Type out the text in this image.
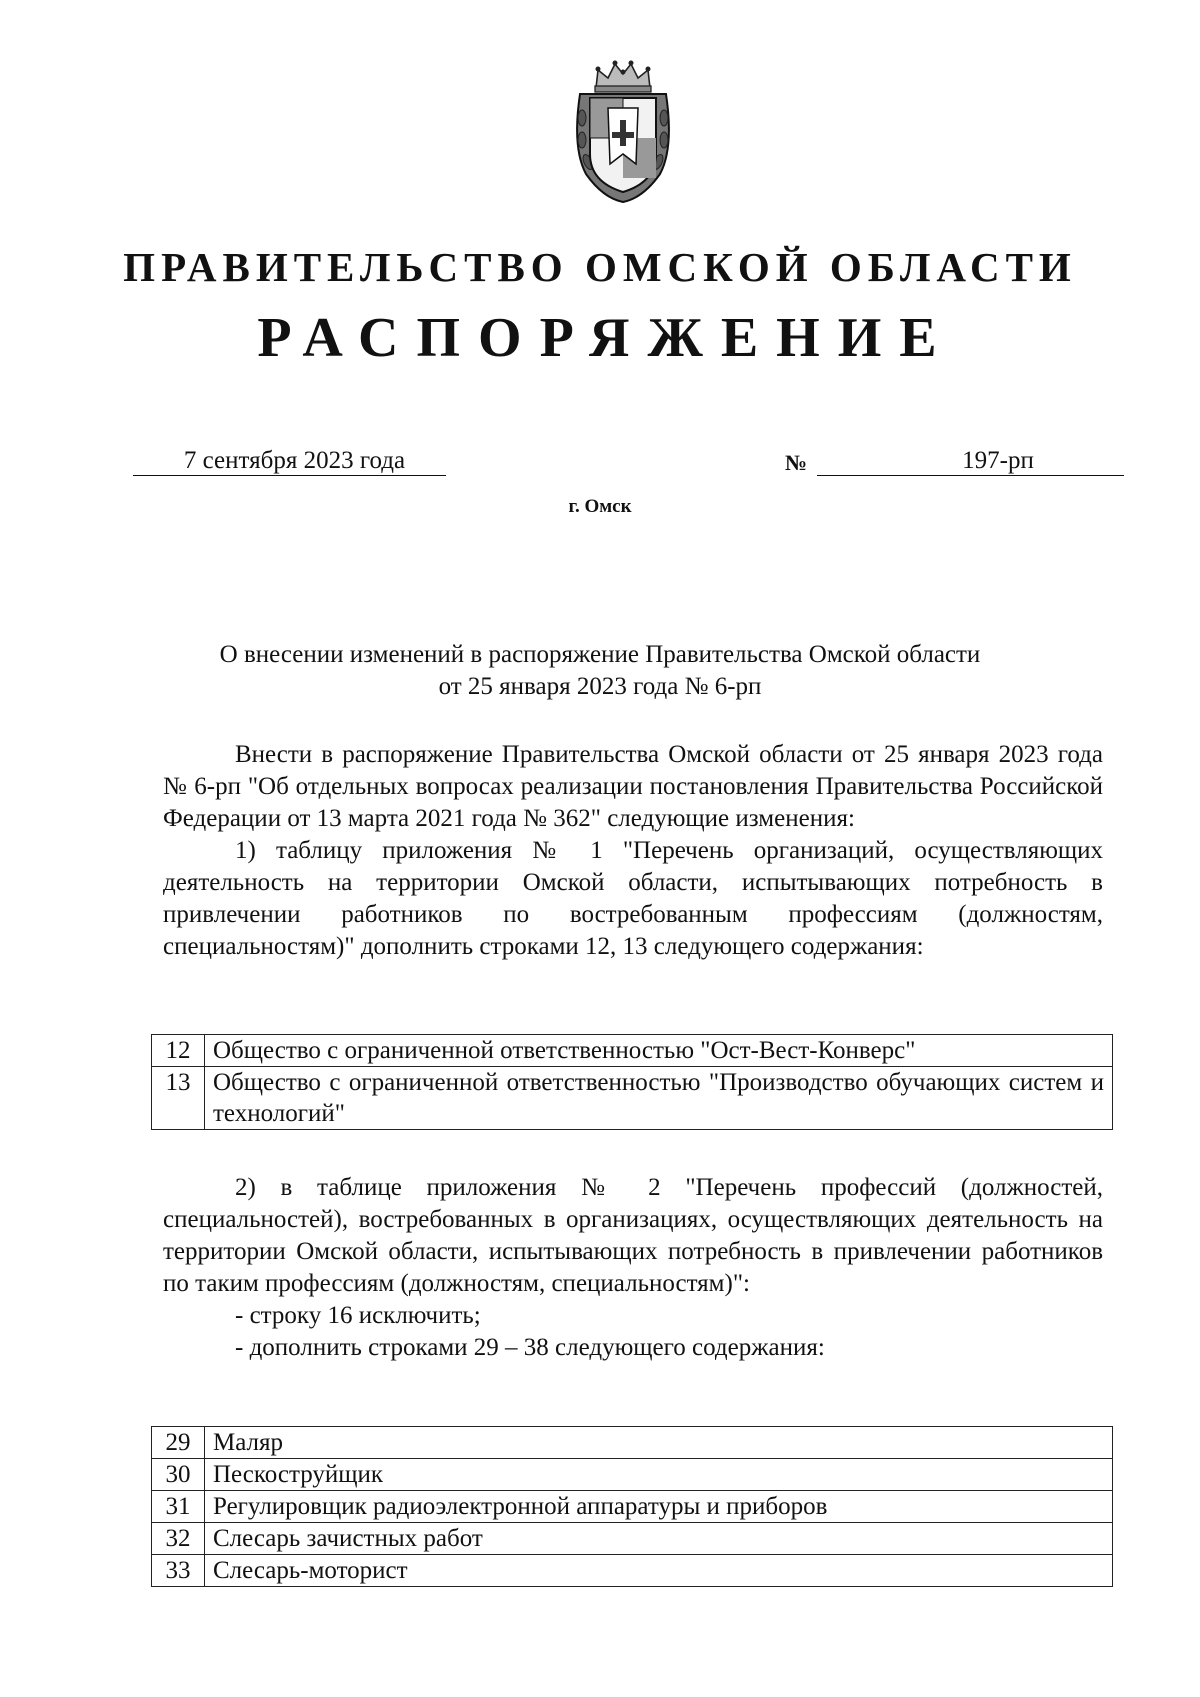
ПРАВИТЕЛЬСТВО ОМСКОЙ ОБЛАСТИ
РАСПОРЯЖЕНИЕ
7 сентября 2023 года	№	197-рп
г. Омск
О внесении изменений в распоряжение Правительства Омской области
от 25 января 2023 года № 6-рп

Внести в распоряжение Правительства Омской области от 25 января 2023 года № 6-рп "Об отдельных вопросах реализации постановления Правительства Российской Федерации от 13 марта 2021 года № 362" следующие изменения:

1) таблицу приложения № 1 "Перечень организаций, осуществляющих деятельность на территории Омской области, испытывающих потребность в привлечении работников по востребованным профессиям (должностям, специальностям)" дополнить строками 12, 13 следующего содержания:

12	Общество с ограниченной ответственностью "Ост-Вест-Конверс"
13	Общество с ограниченной ответственностью "Производство обучающих систем и технологий"

2) в таблице приложения № 2 "Перечень профессий (должностей, специальностей), востребованных в организациях, осуществляющих деятельность на территории Омской области, испытывающих потребность в привлечении работников по таким профессиям (должностям, специальностям)":

- строку 16 исключить;

- дополнить строками 29 – 38 следующего содержания:

29	Маляр
30	Пескоструйщик
31	Регулировщик радиоэлектронной аппаратуры и приборов
32	Слесарь зачистных работ
33	Слесарь-моторист
